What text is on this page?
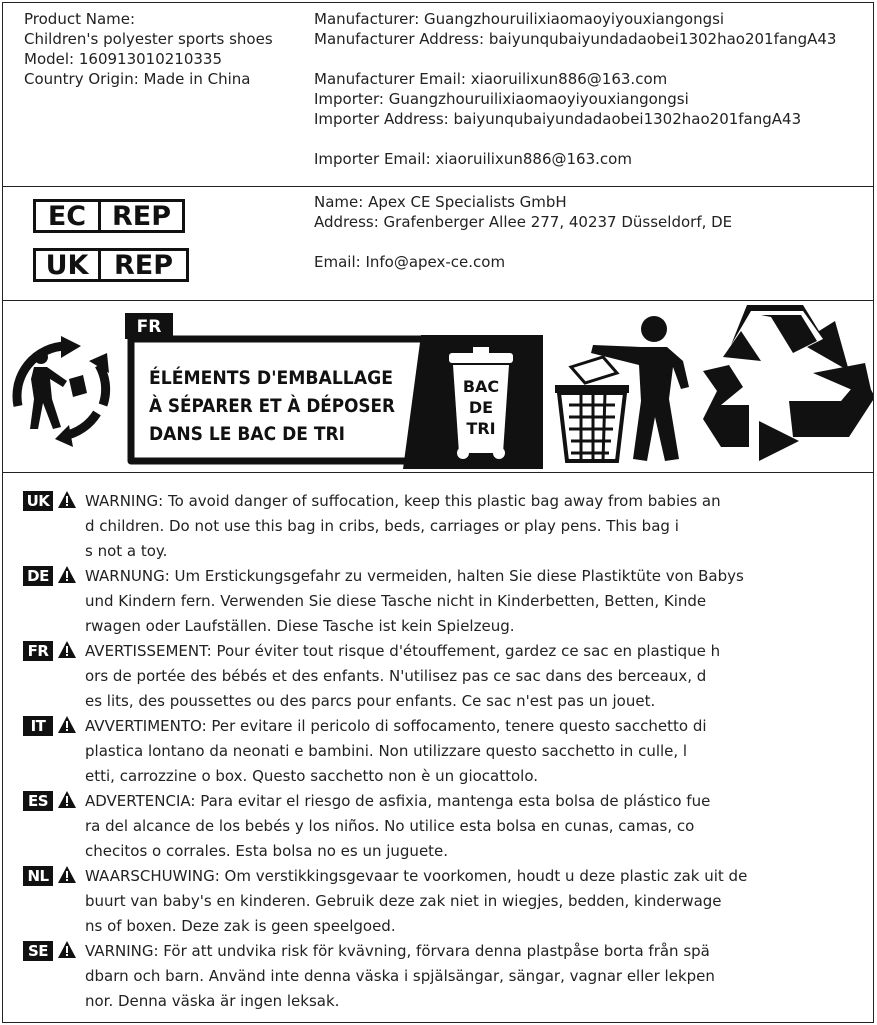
Product Name:
Children's polyester sports shoes
Model: 160913010210335
Country Origin: Made in China
Manufacturer: Guangzhouruilixiaomaoyiyouxiangongsi
Manufacturer Address: baiyunqubaiyundadaobei1302hao201fangA43
Manufacturer Email: xiaoruilixun886@163.com
Importer: Guangzhouruilixiaomaoyiyouxiangongsi
Importer Address: baiyunqubaiyundadaobei1302hao201fangA43
Importer Email: xiaoruilixun886@163.com
EC REP
UK REP
Name: Apex CE Specialists GmbH
Address: Grafenberger Allee 277, 40237 Düsseldorf, DE
Email: Info@apex-ce.com
FR
ÉLÉMENTS D'EMBALLAGE
À SÉPARER ET À DÉPOSER
DANS LE BAC DE TRI
BAC
DE
TRI
UK WARNING: To avoid danger of suffocation, keep this plastic bag away from babies an
d children. Do not use this bag in cribs, beds, carriages or play pens. This bag i
s not a toy.
DE WARNUNG: Um Erstickungsgefahr zu vermeiden, halten Sie diese Plastiktüte von Babys
und Kindern fern. Verwenden Sie diese Tasche nicht in Kinderbetten, Betten, Kinde
rwagen oder Laufställen. Diese Tasche ist kein Spielzeug.
FR	AVERTISSEMENT: Pour éviter tout risque d'étouffement, gardez ce sac en plastique h
ors de portée des bébés et des enfants. N'utilisez pas ce sac dans des berceaux, d
es lits, des poussettes ou des parcs pour enfants. Ce sac n'est pas un jouet.
IT	AVVERTIMENTO: Per evitare il pericolo di soffocamento, tenere questo sacchetto di
plastica lontano da neonati e bambini. Non utilizzare questo sacchetto in culle, l
etti, carrozzine o box. Questo sacchetto non è un giocattolo.
ES	ADVERTENCIA: Para evitar el riesgo de asfixia, mantenga esta bolsa de plástico fue
ra del alcance de los bebés y los niños. No utilice esta bolsa en cunas, camas, co
checitos o corrales. Esta bolsa no es un juguete.
NL WAARSCHUWING: Om verstikkingsgevaar te voorkomen, houdt u deze plastic zak uit de
buurt van baby's en kinderen. Gebruik deze zak niet in wiegjes, bedden, kinderwage
ns of boxen. Deze zak is geen speelgoed.
SE	VARNING: För att undvika risk för kvävning, förvara denna plastpåse borta från spä
dbarn och barn. Använd inte denna väska i spjälsängar, sängar, vagnar eller lekpen
nor. Denna väska är ingen leksak.
